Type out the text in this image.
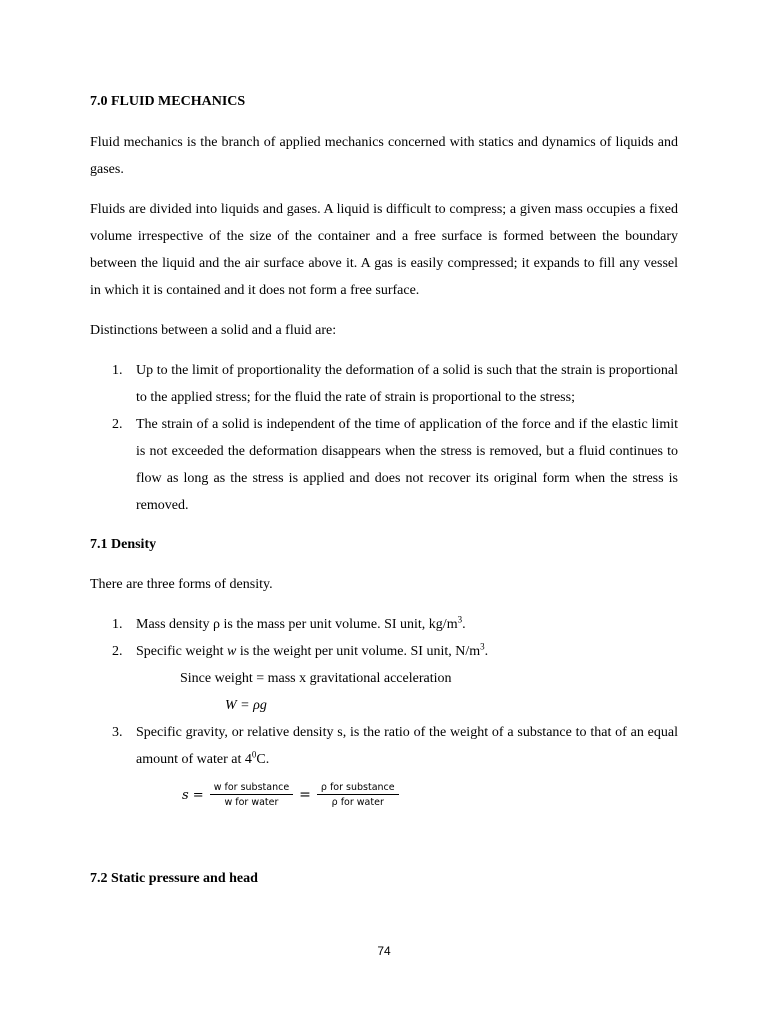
7.0 FLUID MECHANICS

Fluid mechanics is the branch of applied mechanics concerned with statics and dynamics of liquids and gases.

Fluids are divided into liquids and gases. A liquid is difficult to compress; a given mass occupies a fixed volume irrespective of the size of the container and a free surface is formed between the boundary between the liquid and the air surface above it. A gas is easily compressed; it expands to fill any vessel in which it is contained and it does not form a free surface.

Distinctions between a solid and a fluid are:

1. Up to the limit of proportionality the deformation of a solid is such that the strain is proportional to the applied stress; for the fluid the rate of strain is proportional to the stress;
2. The strain of a solid is independent of the time of application of the force and if the elastic limit is not exceeded the deformation disappears when the stress is removed, but a fluid continues to flow as long as the stress is applied and does not recover its original form when the stress is removed.
7.1 Density

There are three forms of density.

1. Mass density ρ is the mass per unit volume. SI unit, $kg/m^3$.
2. Specific weight w is the weight per unit volume. SI unit, $N/m^3$.
Since weight = mass x gravitational acceleration
W = ρg
3. Specific gravity, or relative density s, is the ratio of the weight of a substance to that of an equal amount of water at $4^0C$.
$s = \frac{\text{w for substance}}{\text{w for water}} = \frac{\text{ρ for substance}}{\text{ρ for water}}$
7.2 Static pressure and head
74
